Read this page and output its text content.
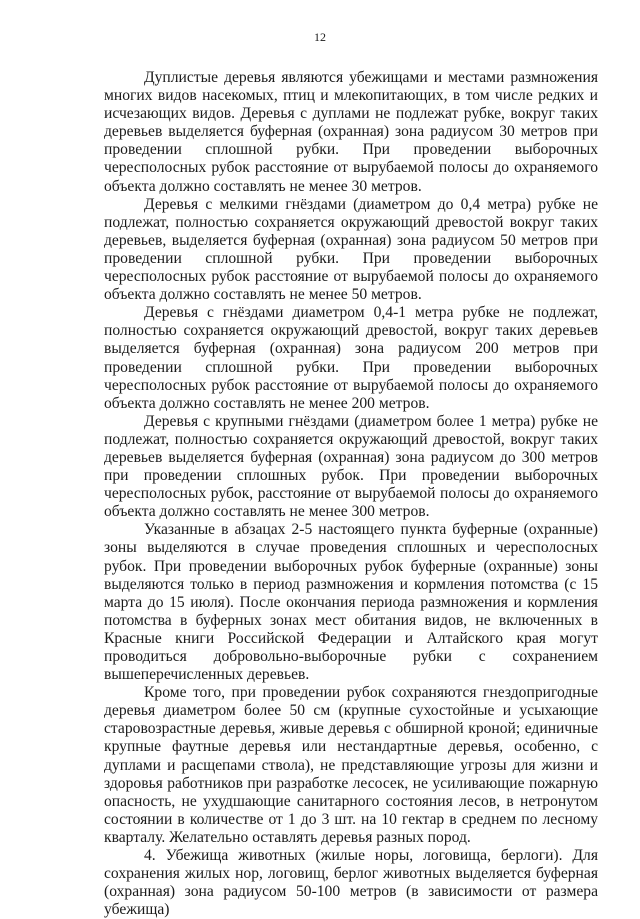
12

Дуплистые деревья являются убежищами и местами размножения многих видов насекомых, птиц и млекопитающих, в том числе редких и исчезающих видов. Деревья с дуплами не подлежат рубке, вокруг таких деревьев выделяется буферная (охранная) зона радиусом 30 метров при проведении сплошной рубки. При проведении выборочных чересполосных рубок расстояние от вырубаемой полосы до охраняемого объекта должно составлять не менее 30 метров.

Деревья с мелкими гнёздами (диаметром до 0,4 метра) рубке не подлежат, полностью сохраняется окружающий древостой вокруг таких деревьев, выделяется буферная (охранная) зона радиусом 50 метров при проведении сплошной рубки. При проведении выборочных чересполосных рубок расстояние от вырубаемой полосы до охраняемого объекта должно составлять не менее 50 метров.

Деревья с гнёздами диаметром 0,4-1 метра рубке не подлежат, полностью сохраняется окружающий древостой, вокруг таких деревьев выделяется буферная (охранная) зона радиусом 200 метров при проведении сплошной рубки. При проведении выборочных чересполосных рубок расстояние от вырубаемой полосы до охраняемого объекта должно составлять не менее 200 метров.

Деревья с крупными гнёздами (диаметром более 1 метра) рубке не подлежат, полностью сохраняется окружающий древостой, вокруг таких деревьев выделяется буферная (охранная) зона радиусом до 300 метров при проведении сплошных рубок. При проведении выборочных чересполосных рубок, расстояние от вырубаемой полосы до охраняемого объекта должно составлять не менее 300 метров.

Указанные в абзацах 2-5 настоящего пункта буферные (охранные) зоны выделяются в случае проведения сплошных и чересполосных рубок. При проведении выборочных рубок буферные (охранные) зоны выделяются только в период размножения и кормления потомства (с 15 марта до 15 июля). После окончания периода размножения и кормления потомства в буферных зонах мест обитания видов, не включенных в Красные книги Российской Федерации и Алтайского края могут проводиться добровольно-выборочные рубки с сохранением вышеперечисленных деревьев.

Кроме того, при проведении рубок сохраняются гнездопригодные деревья диаметром более 50 см (крупные сухостойные и усыхающие старовозрастные деревья, живые деревья с обширной кроной; единичные крупные фаутные деревья или нестандартные деревья, особенно, с дуплами и расщепами ствола), не представляющие угрозы для жизни и здоровья работников при разработке лесосек, не усиливающие пожарную опасность, не ухудшающие санитарного состояния лесов, в нетронутом состоянии в количестве от 1 до 3 шт. на 10 гектар в среднем по лесному кварталу. Желательно оставлять деревья разных пород.

4. Убежища животных (жилые норы, логовища, берлоги). Для сохранения жилых нор, логовищ, берлог животных выделяется буферная (охранная) зона радиусом 50-100 метров (в зависимости от размера убежища)
